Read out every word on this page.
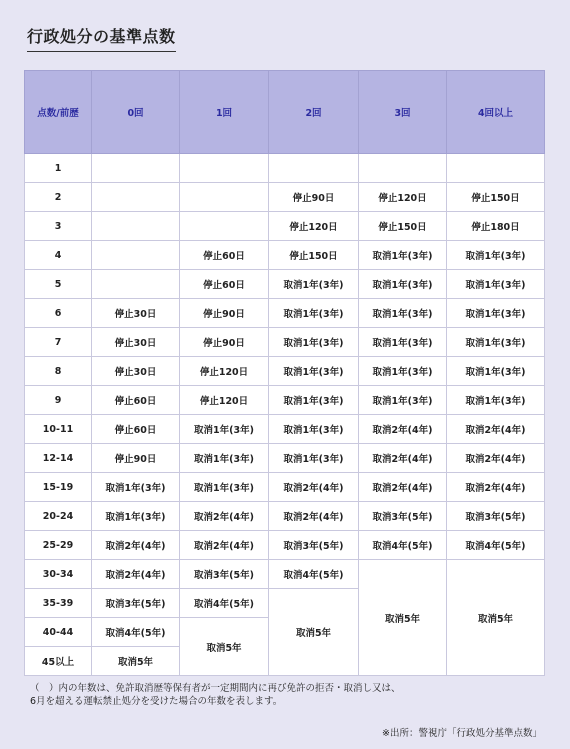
行政処分の基準点数
点数/前歴	0回	1回	2回	3回	4回以上
1					
2			停止90日	停止120日	停止150日
3			停止120日	停止150日	停止180日
4		停止60日	停止150日	取消1年(3年)	取消1年(3年)
5		停止60日	取消1年(3年)	取消1年(3年)	取消1年(3年)
6	停止30日	停止90日	取消1年(3年)	取消1年(3年)	取消1年(3年)
7	停止30日	停止90日	取消1年(3年)	取消1年(3年)	取消1年(3年)
8	停止30日	停止120日	取消1年(3年)	取消1年(3年)	取消1年(3年)
9	停止60日	停止120日	取消1年(3年)	取消1年(3年)	取消1年(3年)
10-11	停止60日	取消1年(3年)	取消1年(3年)	取消2年(4年)	取消2年(4年)
12-14	停止90日	取消1年(3年)	取消1年(3年)	取消2年(4年)	取消2年(4年)
15-19	取消1年(3年)	取消1年(3年)	取消2年(4年)	取消2年(4年)	取消2年(4年)
20-24	取消1年(3年)	取消2年(4年)	取消2年(4年)	取消3年(5年)	取消3年(5年)
25-29	取消2年(4年)	取消2年(4年)	取消3年(5年)	取消4年(5年)	取消4年(5年)
30-34	取消2年(4年)	取消3年(5年)	取消4年(5年)	取消5年	取消5年
35-39	取消3年(5年)	取消4年(5年)	取消5年		
40-44	取消4年(5年)	取消5年			
45以上	取消5年				
（　）内の年数は、免許取消歴等保有者が一定期間内に再び免許の拒否・取消し又は、
6月を超える運転禁止処分を受けた場合の年数を表します。
※出所：警視庁「行政処分基準点数」
